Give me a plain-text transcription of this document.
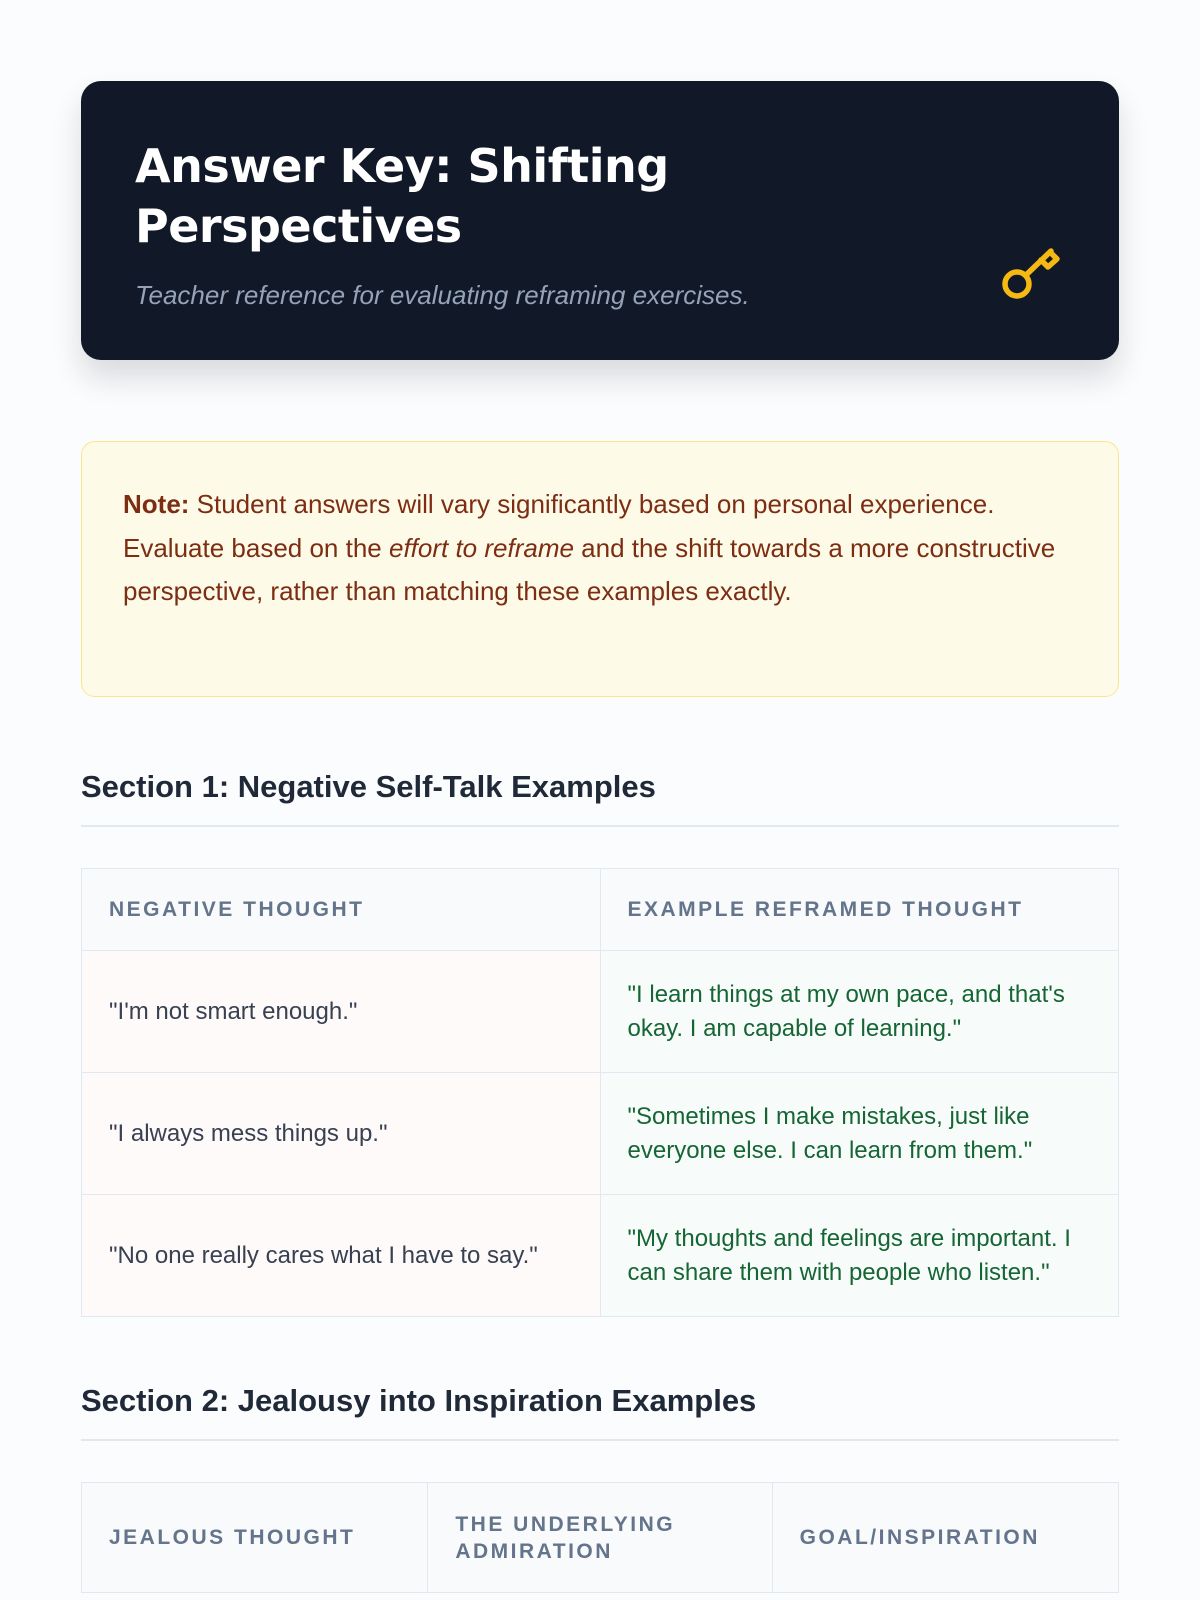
Answer Key: Shifting Perspectives

Teacher reference for evaluating reframing exercises.

Note: Student answers will vary significantly based on personal experience. Evaluate based on the effort to reframe and the shift towards a more constructive perspective, rather than matching these examples exactly.
Section 1: Negative Self-Talk Examples
NEGATIVE THOUGHT	EXAMPLE REFRAMED THOUGHT
"I'm not smart enough."	"I learn things at my own pace, and that's okay. I am capable of learning."
"I always mess things up."	"Sometimes I make mistakes, just like everyone else. I can learn from them."
"No one really cares what I have to say."	"My thoughts and feelings are important. I can share them with people who listen."
Section 2: Jealousy into Inspiration Examples
JEALOUS THOUGHT	THE UNDERLYING ADMIRATION	GOAL/INSPIRATION
